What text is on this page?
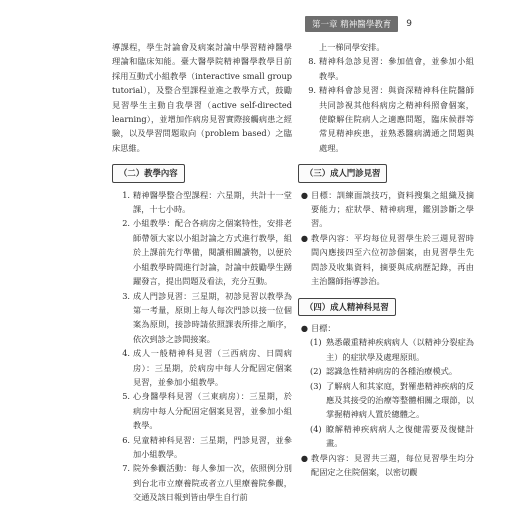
第一章 精神醫學教育	9

導課程，學生討論會及病案討論中學習精神醫學理論和臨床知能。臺大醫學院精神醫學教學目前採用互動式小組教學（interactive small group tutorial），及整合型課程並進之教學方式，鼓勵見習學生主動自我學習（active self-directed learning），並增加作病房見習實際接觸病患之經驗，以及學習問題取向（problem based）之臨床思維。

（二）教學內容
1. 精神醫學整合型課程：六星期，共計十一堂課，十七小時。
2. 小組教學：配合各病房之個案特性，安排老師帶領大家以小組討論之方式進行教學，組於上課前先行準備，閱讀相關讀物，以便於小組教學時間進行討論，討論中鼓勵學生踴躍發言，提出問題及看法，充分互動。
3. 成人門診見習：三星期，初診見習以教學為第一考量，原則上每人每次門診以接一位個案為原則，接診時請依照課表所排之順序，依次到診之診間接案。
4. 成人一般精神科見習（三西病房、日間病房）：三星期，於病房中每人分配固定個案見習，並參加小組教學。
5. 心身醫學科見習（三東病房）：三星期，於病房中每人分配固定個案見習，並參加小組教學。
6. 兒童精神科見習：三星期，門診見習，並參加小組教學。
7. 院外參觀活動：每人參加一次，依照例分別到台北市立療養院或者立八里療養院參觀，交通及該日報到皆由學生自行前
上一梯同學安排。
8. 精神科急診見習：參加值會，並參加小組教學。
9. 精神科會診見習：與資深精神科住院醫師共同診視其他科病房之精神科照會個案，使瞭解住院病人之適應問題，臨床候群等常見精神疾患，並熟悉醫病溝通之問題與處理。
（三）成人門診見習
● 目標：訓練面談技巧，資料搜集之組織及摘要能力；症狀學、精神病理，鑑別診斷之學習。
● 教學內容：平均每位見習學生於三週見習時間內應接四至六位初診個案，由見習學生先問診及收集資料，摘要與成病歷記錄，再由主治醫師指導診治。
（四）成人精神科見習
● 目標：
(1) 熟悉嚴重精神疾病病人（以精神分裂症為主）的症狀學及處理原則。
(2) 認識急性精神病房的各種治療模式。
(3) 了解病人和其家庭，對罹患精神疾病的反應及其接受的治療等整體相關之環節，以掌握精神病人置於總體之。
(4) 瞭解精神疾病病人之復健需要及復健計畫。
● 教學內容：見習共三週，每位見習學生均分配固定之住院個案，以密切觀
